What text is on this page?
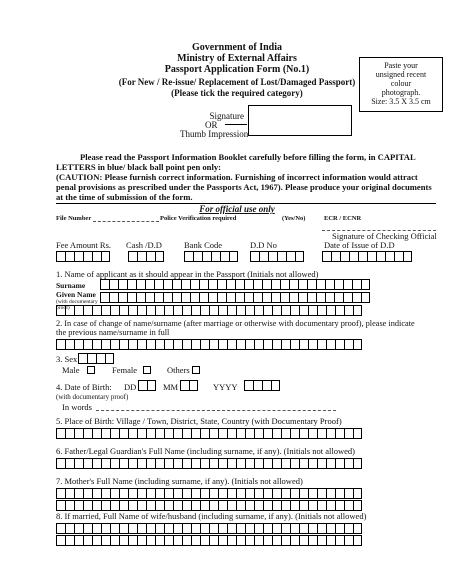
Government of India
Ministry of External Affairs
Passport Application Form (No.1)
(For New / Re-issue/ Replacement of Lost/Damaged Passport)
(Please tick the required category)
Paste your
unsigned recent
colour
photograph.
Size: 3.5 X 3.5 cm
Signature
OR
Thumb Impression
Please read the Passport Information Booklet carefully before filling the form, in CAPITAL LETTERS in blue/ black ball point pen only:
(CAUTION: Please furnish correct information. Furnishing of incorrect information would attract penal provisions as prescribed under the Passports Act, 1967). Please produce your original documents at the time of submission of the form.
For official use only
File Number	Police Verification required	(Yes/No)	ECR / ECNR
Signature of Checking Official
Fee Amount Rs. Cash /D.D	Bank Code	D.D No	Date of Issue of D.D
1. Name of applicant as it should appear in the Passport (Initials not allowed)
Surname
Given Name
(with documentary proof)
2. In case of change of name/surname (after marriage or otherwise with documentary proof), please indicate
the previous name/surname in full
3. Sex
Male	Female	Others
4. Date of Birth: DD	MM	YYYY
(with documentary proof)
In words
5. Place of Birth: Village / Town, District, State, Country (with Documentary Proof)
6. Father/Legal Guardian's Full Name (including surname, if any). (Initials not allowed)
7. Mother's Full Name (including surname, if any). (Initials not allowed)
8. If married, Full Name of wife/husband (including surname, if any). (Initials not allowed)
